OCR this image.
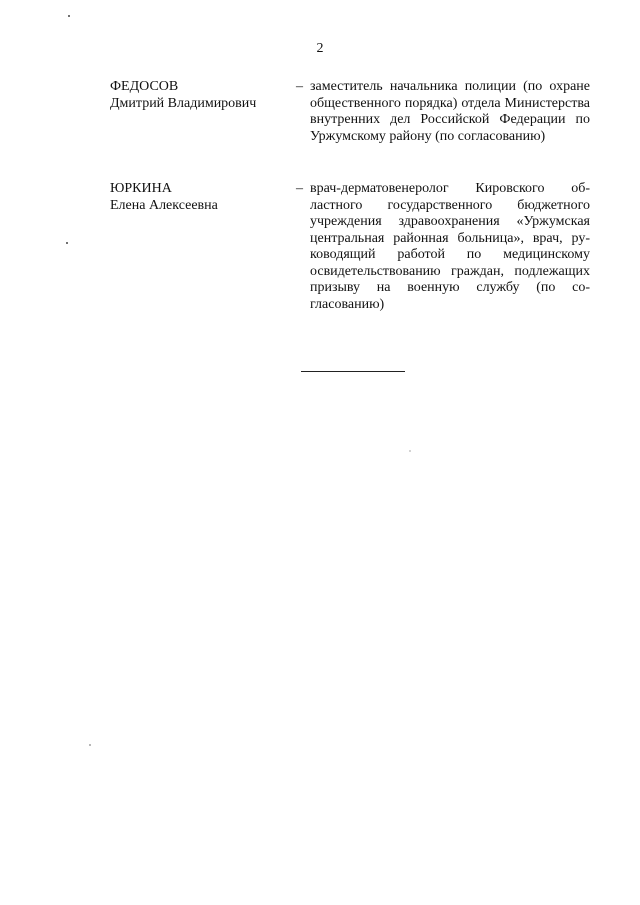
2
ФЕДОСОВ
Дмитрий Владимирович
– заместитель начальника полиции (по охране общественного порядка) отдела Министерства внутренних дел Российской Федерации по Уржумскому району (по согласованию)
ЮРКИНА
Елена Алексеевна
– врач-дерматовенеролог Кировского областного государственного бюджетного учреждения здравоохранения «Уржумская центральная районная больница», врач, руководящий работой по медицинскому освидетельствованию граждан, подлежащих призыву на военную службу (по согласованию)
